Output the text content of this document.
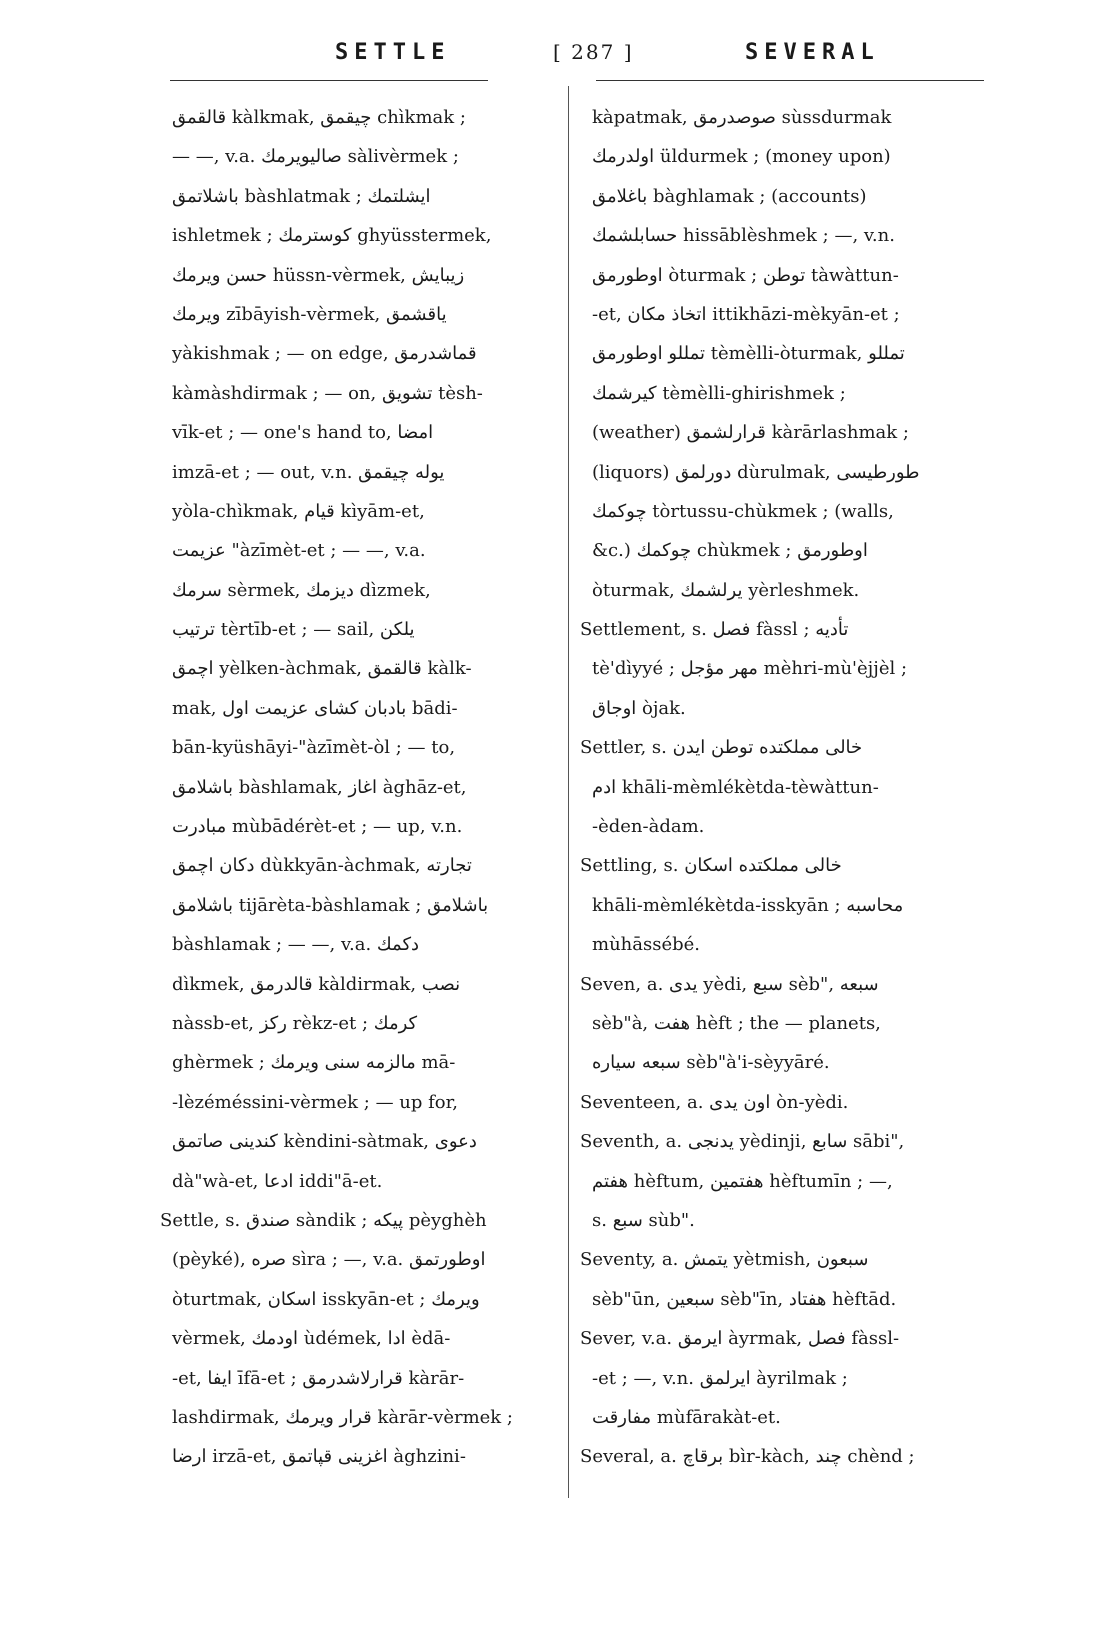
SETTLE	[ 287 ]	SEVERAL
قالقمق kàlkmak, چیقمق chìkmak ;
— —, v.a. صالیویرمك sàlivèrmek ;
باشلاتمق bàshlatmak ; ایشلتمك
ishletmek ; کوسترمك ghyüsstermek,
حسن ویرمك hüssn-vèrmek, زیبایش
ویرمك zībāyish-vèrmek, یاقشمق
yàkishmak ; — on edge, قماشدرمق
kàmàshdirmak ; — on, تشویق tèsh-
vīk-et ; — one's hand to, امضا
imzā-et ; — out, v.n. یوله چیقمق
yòla-chìkmak, قیام kìyām-et,
عزیمت "àzīmèt-et ; — —, v.a.
سرمك sèrmek, دیزمك dìzmek,
ترتیب tèrtīb-et ; — sail, یلکن
اچمق yèlken-àchmak, قالقمق kàlk-
mak, بادبان کشای عزیمت اول bādi-
bān-kyüshāyi-"àzīmèt-òl ; — to,
باشلامق bàshlamak, اغاز àghāz-et,
مبادرت mùbādérèt-et ; — up, v.n.
دکان اچمق dùkkyān-àchmak, تجارته
باشلامق tijārèta-bàshlamak ; باشلامق
bàshlamak ; — —, v.a. دکمك
dìkmek, قالدرمق kàldirmak, نصب
nàssb-et, رکز rèkz-et ; کرمك
ghèrmek ; مالزمه سنی ویرمك mā-
-lèzéméssini-vèrmek ; — up for,
کندینی صاتمق kèndini-sàtmak, دعوی
dà"wà-et, ادعا iddi"ā-et.
Settle, s. صندق sàndik ; پیکه pèyghèh
(pèyké), صره sìra ; —, v.a. اوطورتمق
òturtmak, اسکان isskyān-et ; ویرمك
vèrmek, اودمك ùdémek, ادا èdā-
-et, ایفا īfā-et ; قرارلاشدرمق kàrār-
lashdirmak, قرار ویرمك kàrār-vèrmek ;
ارضا irzā-et, اغزینی قپاتمق àghzini-
kàpatmak, صوصدرمق sùssdurmak
اولدرمك üldurmek ; (money upon)
باغلامق bàghlamak ; (accounts)
حسابلشمك hissāblèshmek ; —, v.n.
اوطورمق òturmak ; توطن tàwàttun-
-et, اتخاذ مکان ittikhāzi-mèkyān-et ;
تمللو اوطورمق tèmèlli-òturmak, تمللو
کیرشمك tèmèlli-ghirishmek ;
(weather) قرارلشمق kàrārlashmak ;
(liquors) دورلمق dùrulmak, طورطیسی
چوکمك tòrtussu-chùkmek ; (walls,
&c.) چوکمك chùkmek ; اوطورمق
òturmak, یرلشمك yèrleshmek.
Settlement, s. فصل fàssl ; تأدیه
tè'dìyyé ; مهر مؤجل mèhri-mù'èjjèl ;
اوجاق òjak.
Settler, s. خالی مملکتده توطن ایدن
ادم khāli-mèmlékètda-tèwàttun-
-èden-àdam.
Settling, s. خالی مملکتده اسکان
khāli-mèmlékètda-isskyān ; محاسبه
mùhāssébé.
Seven, a. یدی yèdi, سبع sèb", سبعه
sèb"à, هفت hèft ; the — planets,
سبعه سیاره sèb"à'i-sèyyāré.
Seventeen, a. اون یدی òn-yèdi.
Seventh, a. یدنجی yèdinji, سابع sābi",
هفتم hèftum, هفتمین hèftumīn ; —,
s. سبع sùb".
Seventy, a. یتمش yètmish, سبعون
sèb"ūn, سبعین sèb"īn, هفتاد hèftād.
Sever, v.a. ایرمق àyrmak, فصل fàssl-
-et ; —, v.n. ایرلمق àyrilmak ;
مفارقت mùfārakàt-et.
Several, a. برقاچ bìr-kàch, چند chènd ;
